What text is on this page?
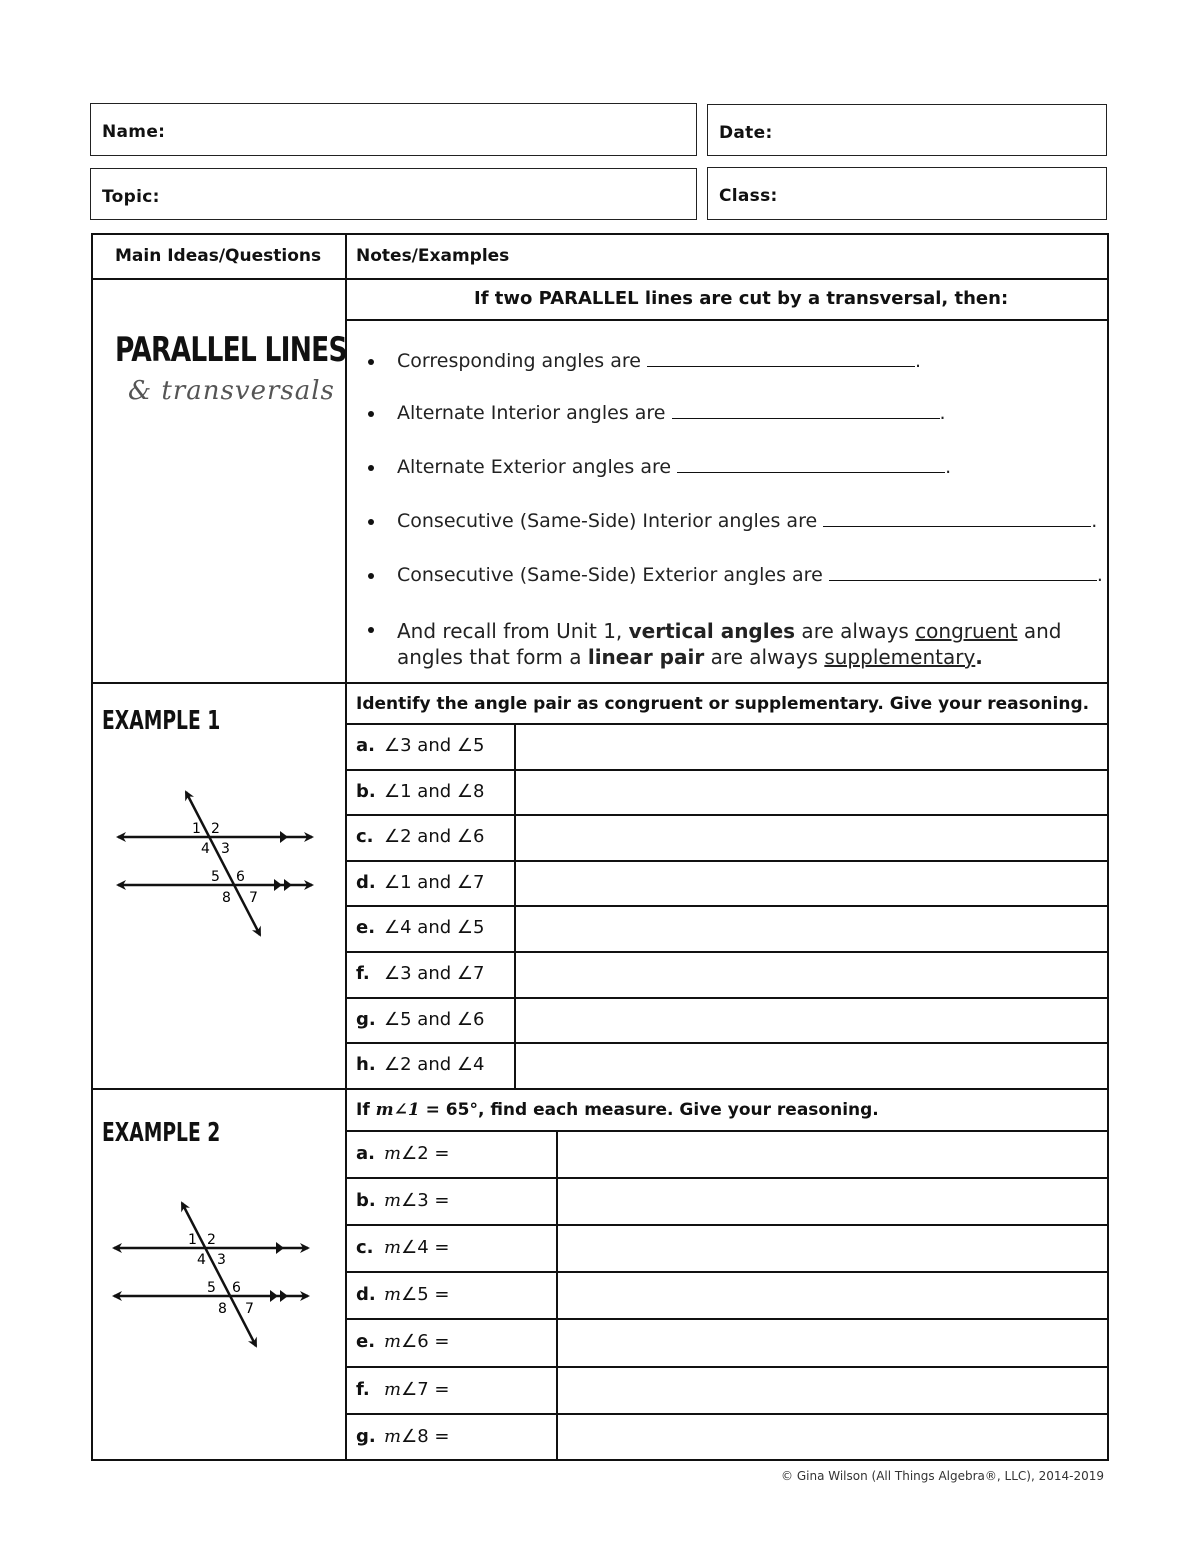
Name:	Date:
Topic:	Class:
Main Ideas/Questions Notes/Examples
PARALLEL LINES
& transversals
If two PARALLEL lines are cut by a transversal, then:
Corresponding angles are	.
Alternate Interior angles are	.
Alternate Exterior angles are	.
Consecutive (Same-Side) Interior angles are	.
Consecutive (Same-Side) Exterior angles are	.
And recall from Unit 1, vertical angles are always congruent and
angles that form a linear pair are always supplementary.
EXAMPLE 1
Identify the angle pair as congruent or supplementary. Give your reasoning.
1 2
4 3
5 6
8 7
a. ∠3 and ∠5
b. ∠1 and ∠8
c. ∠2 and ∠6
d. ∠1 and ∠7
e. ∠4 and ∠5
f. ∠3 and ∠7
g. ∠5 and ∠6
h. ∠2 and ∠4
EXAMPLE 2
If m∠1 = 65°, find each measure. Give your reasoning.
1 2
4 3
5 6
8 7
a. m∠2 =
b. m∠3 =
c. m∠4 =
d. m∠5 =
e. m∠6 =
f. m∠7 =
g. m∠8 =
© Gina Wilson (All Things Algebra®, LLC), 2014-2019
